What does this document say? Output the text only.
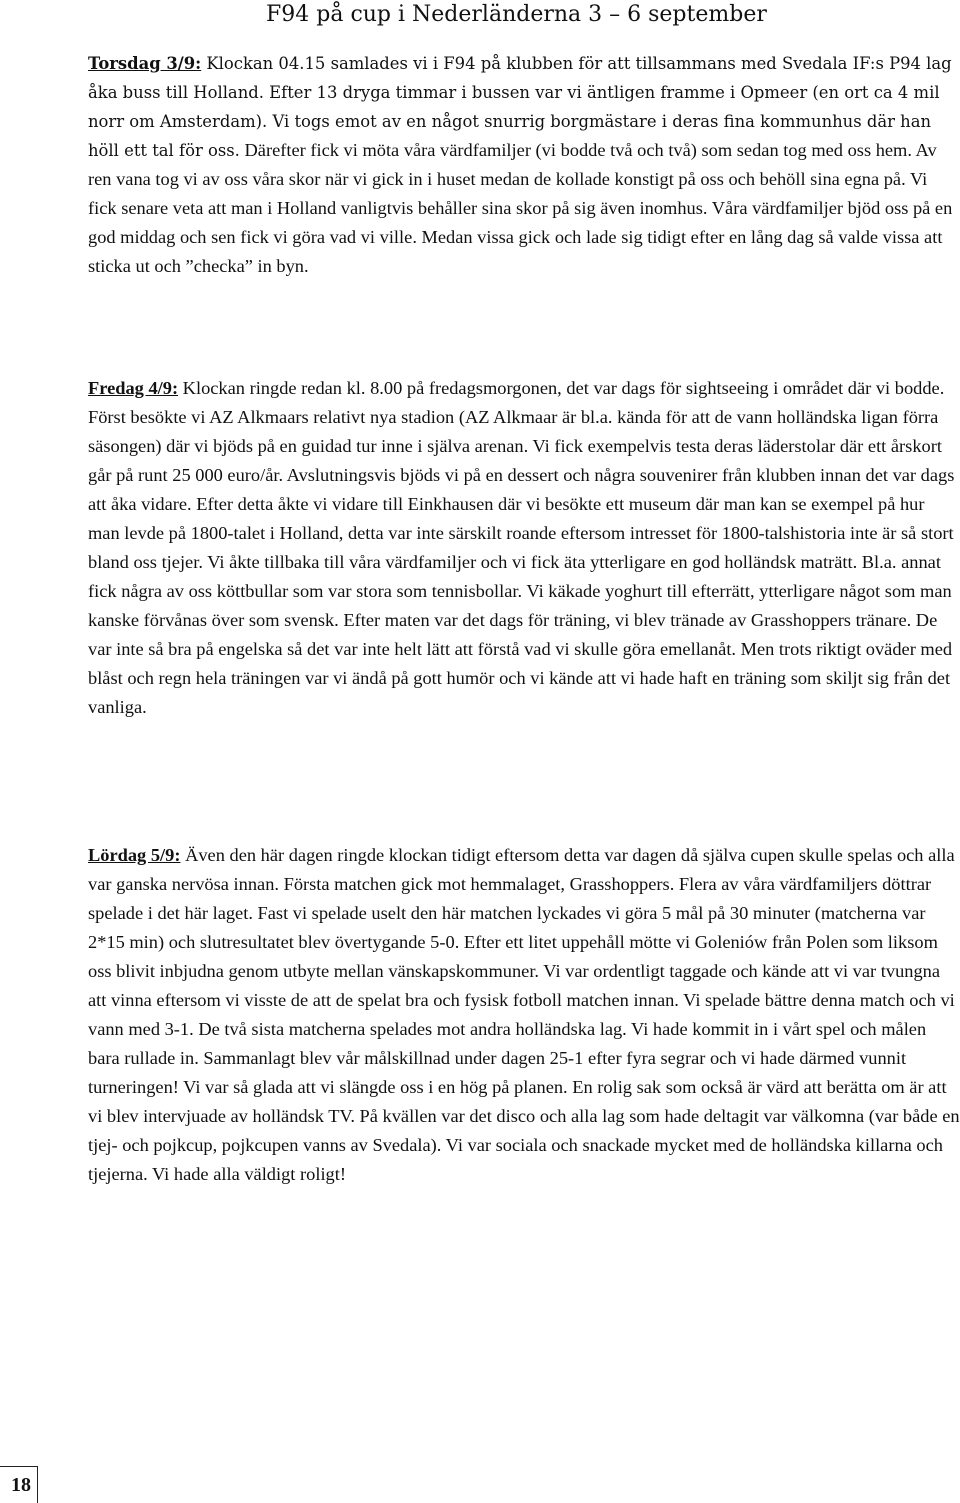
F94 på cup i Nederländerna 3 – 6 september

Torsdag 3/9: Klockan 04.15 samlades vi i F94 på klubben för att tillsammans med Svedala IF:s P94 lag åka buss till Holland. Efter 13 dryga timmar i bussen var vi äntligen framme i Opmeer (en ort ca 4 mil norr om Amsterdam). Vi togs emot av en något snurrig borgmästare i deras fina kommunhus där han höll ett tal för oss. Därefter fick vi möta våra värdfamiljer (vi bodde två och två) som sedan tog med oss hem. Av ren vana tog vi av oss våra skor när vi gick in i huset medan de kollade konstigt på oss och behöll sina egna på. Vi fick senare veta att man i Holland vanligtvis behåller sina skor på sig även inomhus. Våra värdfamiljer bjöd oss på en god middag och sen fick vi göra vad vi ville. Medan vissa gick och lade sig tidigt efter en lång dag så valde vissa att sticka ut och ”checka” in byn.

Fredag 4/9: Klockan ringde redan kl. 8.00 på fredagsmorgonen, det var dags för sightseeing i området där vi bodde. Först besökte vi AZ Alkmaars relativt nya stadion (AZ Alkmaar är bl.a. kända för att de vann holländska ligan förra säsongen) där vi bjöds på en guidad tur inne i själva arenan. Vi fick exempelvis testa deras läderstolar där ett årskort går på runt 25 000 euro/år. Avslutningsvis bjöds vi på en dessert och några souvenirer från klubben innan det var dags att åka vidare. Efter detta åkte vi vidare till Einkhausen där vi besökte ett museum där man kan se exempel på hur man levde på 1800-talet i Holland, detta var inte särskilt roande eftersom intresset för 1800-talshistoria inte är så stort bland oss tjejer. Vi åkte tillbaka till våra värdfamiljer och vi fick äta ytterligare en god holländsk maträtt. Bl.a. annat fick några av oss köttbullar som var stora som tennisbollar. Vi käkade yoghurt till efterrätt, ytterligare något som man kanske förvånas över som svensk. Efter maten var det dags för träning, vi blev tränade av Grasshoppers tränare. De var inte så bra på engelska så det var inte helt lätt att förstå vad vi skulle göra emellanåt. Men trots riktigt oväder med blåst och regn hela träningen var vi ändå på gott humör och vi kände att vi hade haft en träning som skiljt sig från det vanliga.

Lördag 5/9: Även den här dagen ringde klockan tidigt eftersom detta var dagen då själva cupen skulle spelas och alla var ganska nervösa innan. Första matchen gick mot hemmalaget, Grasshoppers. Flera av våra värdfamiljers döttrar spelade i det här laget. Fast vi spelade uselt den här matchen lyckades vi göra 5 mål på 30 minuter (matcherna var 2*15 min) och slutresultatet blev övertygande 5-0. Efter ett litet uppehåll mötte vi Goleniów från Polen som liksom oss blivit inbjudna genom utbyte mellan vänskapskommuner. Vi var ordentligt taggade och kände att vi var tvungna att vinna eftersom vi visste de att de spelat bra och fysisk fotboll matchen innan. Vi spelade bättre denna match och vi vann med 3-1. De två sista matcherna spelades mot andra holländska lag. Vi hade kommit in i vårt spel och målen bara rullade in. Sammanlagt blev vår målskillnad under dagen 25-1 efter fyra segrar och vi hade därmed vunnit turneringen! Vi var så glada att vi slängde oss i en hög på planen. En rolig sak som också är värd att berätta om är att vi blev intervjuade av holländsk TV. På kvällen var det disco och alla lag som hade deltagit var välkomna (var både en tjej- och pojkcup, pojkcupen vanns av Svedala). Vi var sociala och snackade mycket med de holländska killarna och tjejerna. Vi hade alla väldigt roligt!

18
